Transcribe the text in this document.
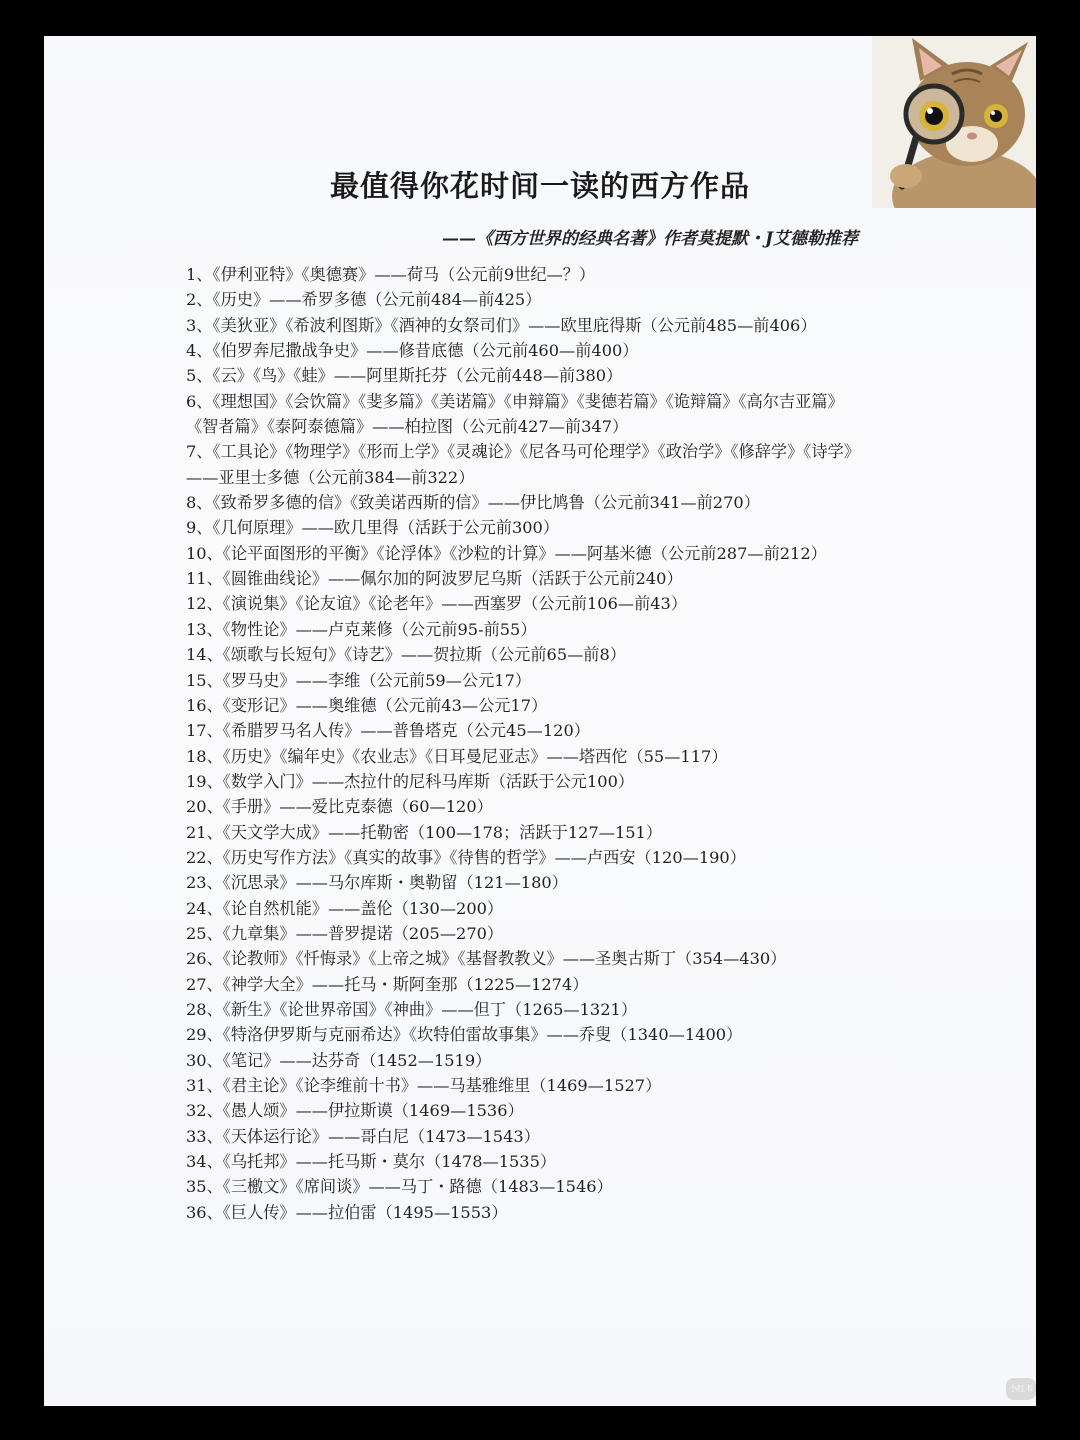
最值得你花时间一读的西方作品
——《西方世界的经典名著》作者莫提默・J艾德勒推荐
1、《伊利亚特》《奥德赛》——荷马（公元前9世纪—？）
2、《历史》——希罗多德（公元前484—前425）
3、《美狄亚》《希波利图斯》《酒神的女祭司们》——欧里庇得斯（公元前485—前406）
4、《伯罗奔尼撒战争史》——修昔底德（公元前460—前400）
5、《云》《鸟》《蛙》——阿里斯托芬（公元前448—前380）
6、《理想国》《会饮篇》《斐多篇》《美诺篇》《申辩篇》《斐德若篇》《诡辩篇》《高尔吉亚篇》《智者篇》《泰阿泰德篇》——柏拉图（公元前427—前347）
7、《工具论》《物理学》《形而上学》《灵魂论》《尼各马可伦理学》《政治学》《修辞学》《诗学》——亚里士多德（公元前384—前322）
8、《致希罗多德的信》《致美诺西斯的信》——伊比鸠鲁（公元前341—前270）
9、《几何原理》——欧几里得（活跃于公元前300）
10、《论平面图形的平衡》《论浮体》《沙粒的计算》——阿基米德（公元前287—前212）
11、《圆锥曲线论》——佩尔加的阿波罗尼乌斯（活跃于公元前240）
12、《演说集》《论友谊》《论老年》——西塞罗（公元前106—前43）
13、《物性论》——卢克莱修（公元前95-前55）
14、《颂歌与长短句》《诗艺》——贺拉斯（公元前65—前8）
15、《罗马史》——李维（公元前59—公元17）
16、《变形记》——奥维德（公元前43—公元17）
17、《希腊罗马名人传》——普鲁塔克（公元45—120）
18、《历史》《编年史》《农业志》《日耳曼尼亚志》——塔西佗（55—117）
19、《数学入门》——杰拉什的尼科马库斯（活跃于公元100）
20、《手册》——爱比克泰德（60—120）
21、《天文学大成》——托勒密（100—178；活跃于127—151）
22、《历史写作方法》《真实的故事》《待售的哲学》——卢西安（120—190）
23、《沉思录》——马尔库斯・奥勒留（121—180）
24、《论自然机能》——盖伦（130—200）
25、《九章集》——普罗提诺（205—270）
26、《论教师》《忏悔录》《上帝之城》《基督教教义》——圣奥古斯丁（354—430）
27、《神学大全》——托马・斯阿奎那（1225—1274）
28、《新生》《论世界帝国》《神曲》——但丁（1265—1321）
29、《特洛伊罗斯与克丽希达》《坎特伯雷故事集》——乔叟（1340—1400）
30、《笔记》——达芬奇（1452—1519）
31、《君主论》《论李维前十书》——马基雅维里（1469—1527）
32、《愚人颂》——伊拉斯谟（1469—1536）
33、《天体运行论》——哥白尼（1473—1543）
34、《乌托邦》——托马斯・莫尔（1478—1535）
35、《三檄文》《席间谈》——马丁・路德（1483—1546）
36、《巨人传》——拉伯雷（1495—1553）
小红书
